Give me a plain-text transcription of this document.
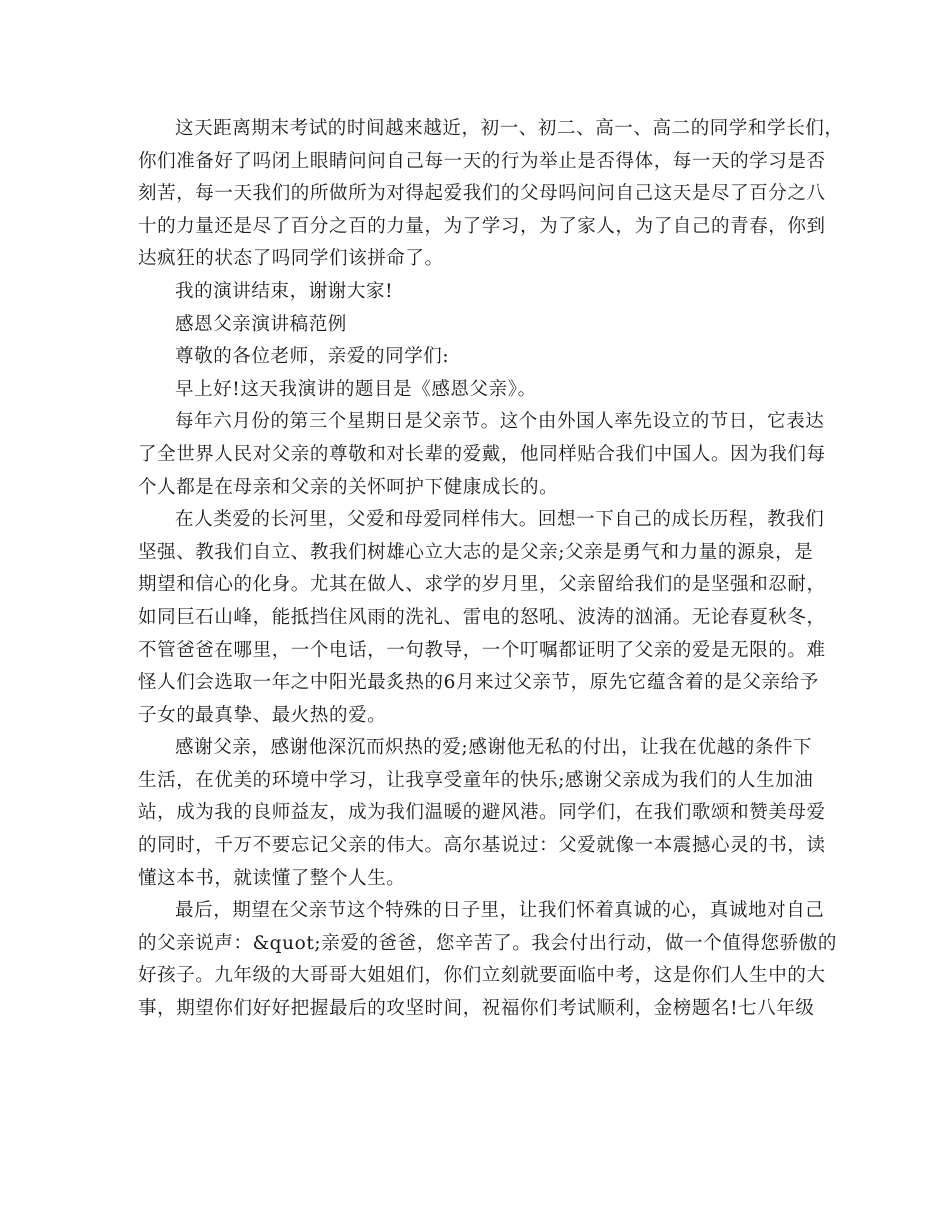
这天距离期末考试的时间越来越近，初一、初二、高一、高二的同学和学长们，
你们准备好了吗闭上眼睛问问自己每一天的行为举止是否得体，每一天的学习是否
刻苦，每一天我们的所做所为对得起爱我们的父母吗问问自己这天是尽了百分之八
十的力量还是尽了百分之百的力量，为了学习，为了家人，为了自己的青春，你到
达疯狂的状态了吗同学们该拼命了。
我的演讲结束，谢谢大家!
感恩父亲演讲稿范例
尊敬的各位老师，亲爱的同学们:
早上好!这天我演讲的题目是《感恩父亲》。
每年六月份的第三个星期日是父亲节。这个由外国人率先设立的节日，它表达
了全世界人民对父亲的尊敬和对长辈的爱戴，他同样贴合我们中国人。因为我们每
个人都是在母亲和父亲的关怀呵护下健康成长的。
在人类爱的长河里，父爱和母爱同样伟大。回想一下自己的成长历程，教我们
坚强、教我们自立、教我们树雄心立大志的是父亲;父亲是勇气和力量的源泉，是
期望和信心的化身。尤其在做人、求学的岁月里，父亲留给我们的是坚强和忍耐，
如同巨石山峰，能抵挡住风雨的洗礼、雷电的怒吼、波涛的汹涌。无论春夏秋冬，
不管爸爸在哪里，一个电话，一句教导，一个叮嘱都证明了父亲的爱是无限的。难
怪人们会选取一年之中阳光最炙热的6月来过父亲节，原先它蕴含着的是父亲给予
子女的最真挚、最火热的爱。
感谢父亲，感谢他深沉而炽热的爱;感谢他无私的付出，让我在优越的条件下
生活，在优美的环境中学习，让我享受童年的快乐;感谢父亲成为我们的人生加油
站，成为我的良师益友，成为我们温暖的避风港。同学们，在我们歌颂和赞美母爱
的同时，千万不要忘记父亲的伟大。高尔基说过：父爱就像一本震撼心灵的书，读
懂这本书，就读懂了整个人生。
最后，期望在父亲节这个特殊的日子里，让我们怀着真诚的心，真诚地对自己
的父亲说声：&quot;亲爱的爸爸，您辛苦了。我会付出行动，做一个值得您骄傲的
好孩子。九年级的大哥哥大姐姐们，你们立刻就要面临中考，这是你们人生中的大
事，期望你们好好把握最后的攻坚时间，祝福你们考试顺利，金榜题名!七八年级
